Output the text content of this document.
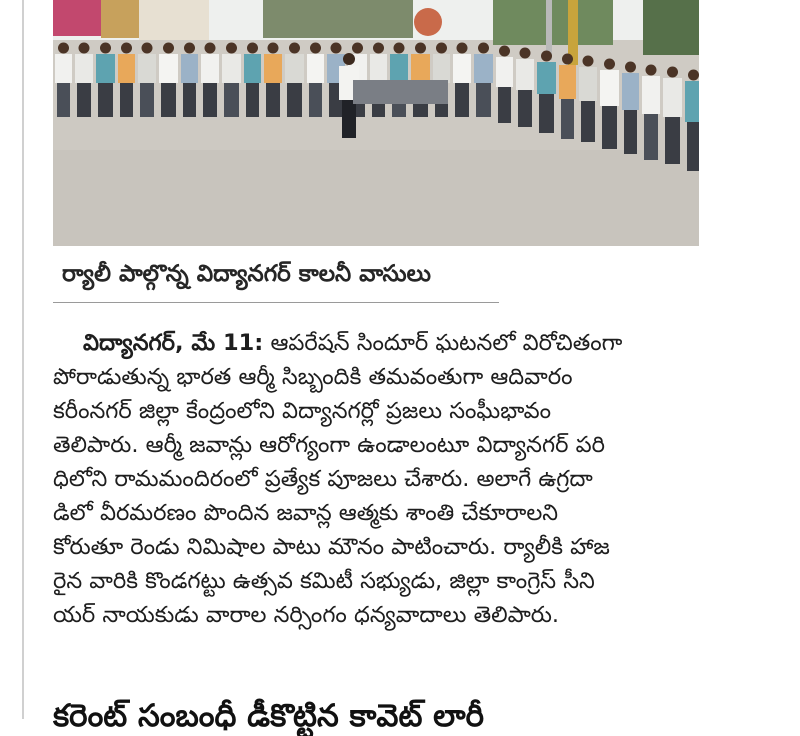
ర్యాలీ పాల్గొన్న విద్యానగర్ కాలనీ వాసులు
విద్యానగర్, మే 11: ఆపరేషన్ సిందూర్ ఘటనలో విరోచితంగా
పోరాడుతున్న భారత ఆర్మీ సిబ్బందికి తమవంతుగా ఆదివారం
కరీంనగర్ జిల్లా కేంద్రంలోని విద్యానగర్లో ప్రజలు సంఘీభావం
తెలిపారు. ఆర్మీ జవాన్లు ఆరోగ్యంగా ఉండాలంటూ విద్యానగర్ పరి
ధిలోని రామమందిరంలో ప్రత్యేక పూజలు చేశారు. అలాగే ఉగ్రదా
డిలో వీరమరణం పొందిన జవాన్ల ఆత్మకు శాంతి చేకూరాలని
కోరుతూ రెండు నిమిషాల పాటు మౌనం పాటించారు. ర్యాలీకి హాజ
రైన వారికి కొండగట్టు ఉత్సవ కమిటీ సభ్యుడు, జిల్లా కాంగ్రెస్ సీని
యర్ నాయకుడు వారాల నర్సింగం ధన్యవాదాలు తెలిపారు.
కరెంట్ సంబంధీ డీకొట్టిన కావెట్ లారీ
